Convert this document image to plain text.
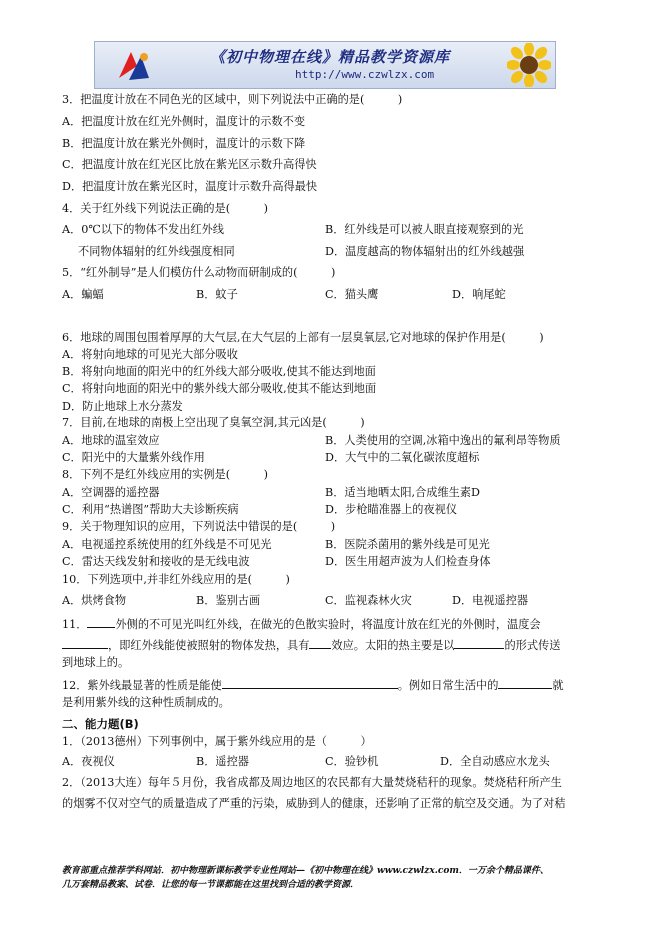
《初中物理在线》精品教学资源库
http://www.czwlzx.com
3．把温度计放在不同色光的区域中，则下列说法中正确的是(　　　)
A．把温度计放在红光外侧时，温度计的示数不变
B．把温度计放在紫光外侧时，温度计的示数下降
C．把温度计放在红光区比放在紫光区示数升高得快
D．把温度计放在紫光区时，温度计示数升高得最快
4．关于红外线下列说法正确的是(　　　)
A．0℃以下的物体不发出红外线	B．红外线是可以被人眼直接观察到的光
不同物体辐射的红外线强度相同	D．温度越高的物体辐射出的红外线越强
5．“红外制导”是人们模仿什么动物而研制成的(　　　)
A．蝙蝠	B．蚊子	C．猫头鹰	D．响尾蛇
6．地球的周围包围着厚厚的大气层,在大气层的上部有一层臭氧层,它对地球的保护作用是(　　　)
A．将射向地球的可见光大部分吸收
B．将射向地面的阳光中的红外线大部分吸收,使其不能达到地面
C．将射向地面的阳光中的紫外线大部分吸收,使其不能达到地面
D．防止地球上水分蒸发
7．目前,在地球的南极上空出现了臭氧空洞,其元凶是(　　　)
A．地球的温室效应	B．人类使用的空调,冰箱中逸出的氟利昂等物质
C．阳光中的大量紫外线作用	D．大气中的二氧化碳浓度超标
8．下列不是红外线应用的实例是(　　　)
A．空调器的遥控器	B．适当地晒太阳,合成维生素D
C．利用“热谱图”帮助大夫诊断疾病	D．步枪瞄准器上的夜视仪
9．关于物理知识的应用，下列说法中错误的是(　　　)
A．电视遥控系统使用的红外线是不可见光	B．医院杀菌用的紫外线是可见光
C．雷达天线发射和接收的是无线电波	D．医生用超声波为人们检查身体
10．下列选项中,并非红外线应用的是(　　　)
A．烘烤食物	B．鉴别古画	C．监视森林火灾	D．电视遥控器
11．	外侧的不可见光叫红外线，在做光的色散实验时，将温度计放在红光的外侧时，温度会
，即红外线能使被照射的物体发热，具有 效应。太阳的热主要是以	的形式传送
到地球上的。
12．紫外线最显著的性质是能使	。例如日常生活中的	就
是利用紫外线的这种性质制成的。
二、能力题(B)
1．（2013德州）下列事例中，属于紫外线应用的是（　　　）
A．夜视仪	B．遥控器	C．验钞机	D．全自动感应水龙头
2．（2013大连）每年５月份，我省成都及周边地区的农民都有大量焚烧秸秆的现象。焚烧秸秆所产生
的烟雾不仅对空气的质量造成了严重的污染，威胁到人的健康，还影响了正常的航空及交通。为了对秸
教育部重点推荐学科网站．初中物理新课标教学专业性网站—《初中物理在线》www.czwlzx.com．一万余个精品课件、
几万套精品教案、试卷．让您的每一节课都能在这里找到合适的教学资源．
